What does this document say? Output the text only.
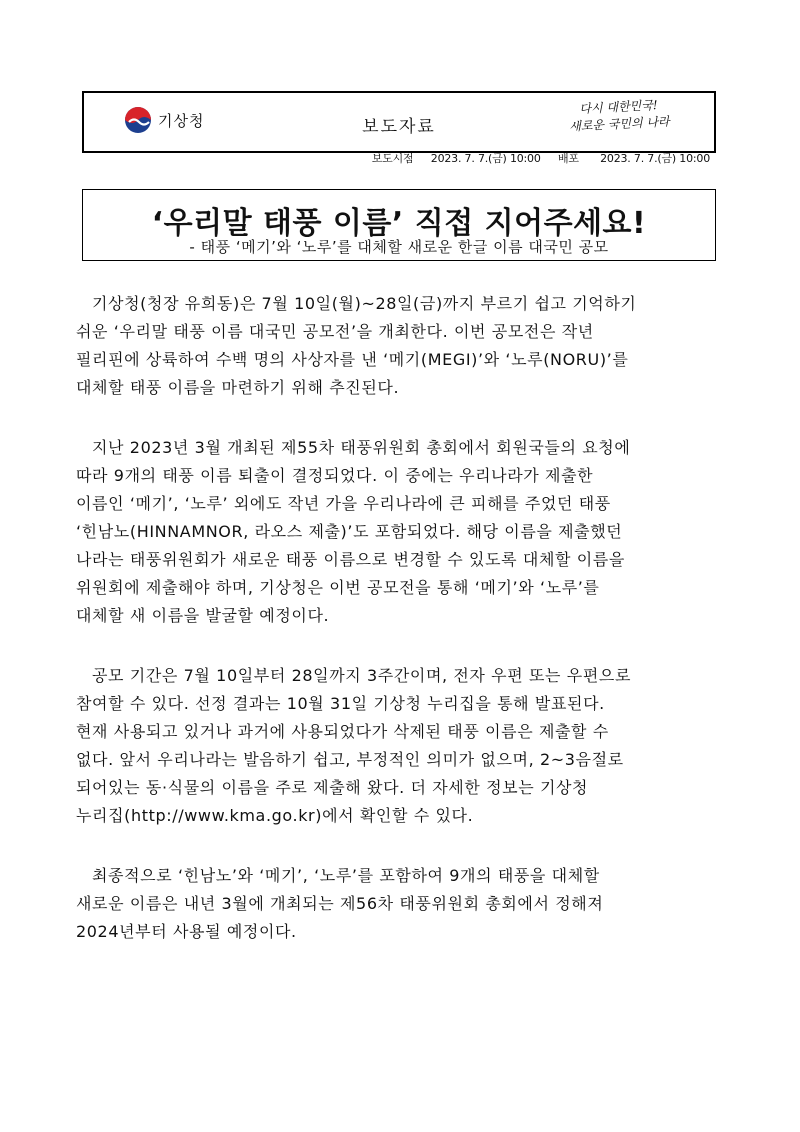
기상청	보도자료
다시 대한민국!
새로운 국민의 나라
보도시점 2023. 7. 7.(금) 10:00 배포 2023. 7. 7.(금) 10:00
‘우리말 태풍 이름’ 직접 지어주세요!
- 태풍 ‘메기’와 ‘노루’를 대체할 새로운 한글 이름 대국민 공모

기상청(청장 유희동)은 7월 10일(월)~28일(금)까지 부르기 쉽고 기억하기
쉬운 ‘우리말 태풍 이름 대국민 공모전’을 개최한다. 이번 공모전은 작년
필리핀에 상륙하여 수백 명의 사상자를 낸 ‘메기(MEGI)’와 ‘노루(NORU)’를
대체할 태풍 이름을 마련하기 위해 추진된다.

지난 2023년 3월 개최된 제55차 태풍위원회 총회에서 회원국들의 요청에
따라 9개의 태풍 이름 퇴출이 결정되었다. 이 중에는 우리나라가 제출한
이름인 ‘메기’, ‘노루’ 외에도 작년 가을 우리나라에 큰 피해를 주었던 태풍
‘힌남노(HINNAMNOR, 라오스 제출)’도 포함되었다. 해당 이름을 제출했던
나라는 태풍위원회가 새로운 태풍 이름으로 변경할 수 있도록 대체할 이름을
위원회에 제출해야 하며, 기상청은 이번 공모전을 통해 ‘메기’와 ‘노루’를
대체할 새 이름을 발굴할 예정이다.

공모 기간은 7월 10일부터 28일까지 3주간이며, 전자 우편 또는 우편으로
참여할 수 있다. 선정 결과는 10월 31일 기상청 누리집을 통해 발표된다.
현재 사용되고 있거나 과거에 사용되었다가 삭제된 태풍 이름은 제출할 수
없다. 앞서 우리나라는 발음하기 쉽고, 부정적인 의미가 없으며, 2~3음절로
되어있는 동·식물의 이름을 주로 제출해 왔다. 더 자세한 정보는 기상청
누리집(http://www.kma.go.kr)에서 확인할 수 있다.

최종적으로 ‘힌남노’와 ‘메기’, ‘노루’를 포함하여 9개의 태풍을 대체할
새로운 이름은 내년 3월에 개최되는 제56차 태풍위원회 총회에서 정해져
2024년부터 사용될 예정이다.
